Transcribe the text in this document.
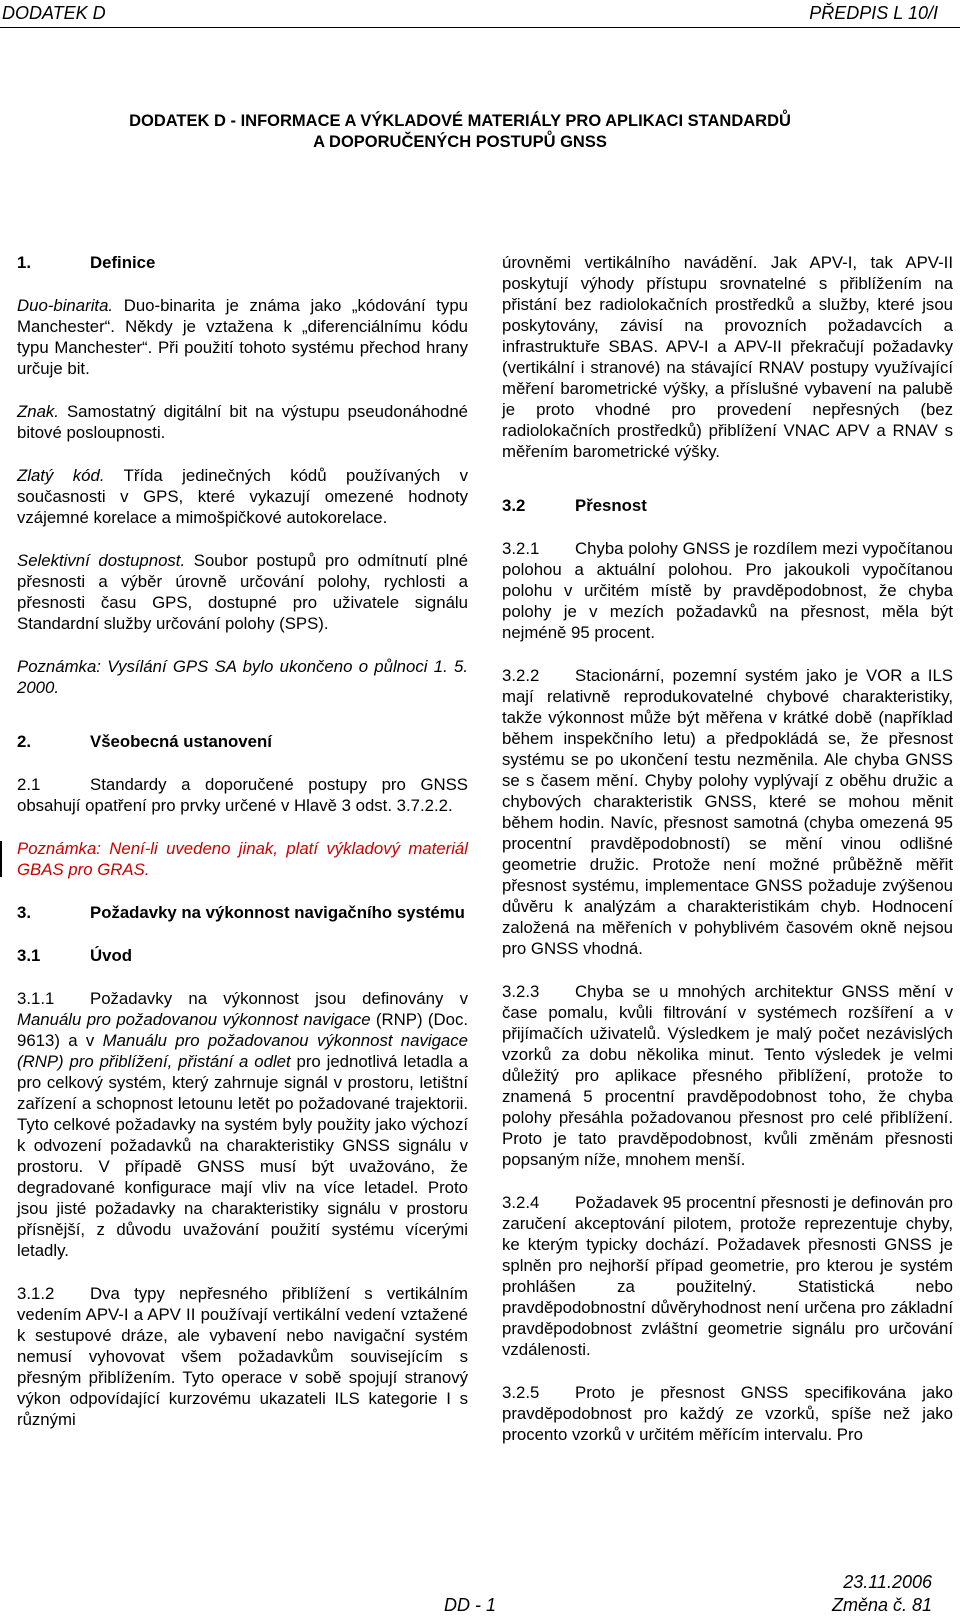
DODATEK D	PŘEDPIS L 10/I
DODATEK D - INFORMACE A VÝKLADOVÉ MATERIÁLY PRO APLIKACI STANDARDŮ
A DOPORUČENÝCH POSTUPŮ GNSS
1.	Definice

Duo-binarita. Duo-binarita je známa jako „kódování typu Manchester“. Někdy je vztažena k „diferenciálnímu kódu typu Manchester“. Při použití tohoto systému přechod hrany určuje bit.

Znak. Samostatný digitální bit na výstupu pseudonáhodné bitové posloupnosti.

Zlatý kód. Třída jedinečných kódů používaných v současnosti v GPS, které vykazují omezené hodnoty vzájemné korelace a mimošpičkové autokorelace.

Selektivní dostupnost. Soubor postupů pro odmítnutí plné přesnosti a výběr úrovně určování polohy, rychlosti a přesnosti času GPS, dostupné pro uživatele signálu Standardní služby určování polohy (SPS).

Poznámka: Vysílání GPS SA bylo ukončeno o půlnoci 1. 5. 2000.

2.	Všeobecná ustanovení

2.1	Standardy a doporučené postupy pro GNSS obsahují opatření pro prvky určené v Hlavě 3 odst. 3.7.2.2.

Poznámka: Není-li uvedeno jinak, platí výkladový materiál GBAS pro GRAS.

3.	Požadavky na výkonnost navigačního systému
3.1	Úvod

3.1.1 Požadavky na výkonnost jsou definovány v Manuálu pro požadovanou výkonnost navigace (RNP) (Doc. 9613) a v Manuálu pro požadovanou výkonnost navigace (RNP) pro přiblížení, přistání a odlet pro jednotlivá letadla a pro celkový systém, který zahrnuje signál v prostoru, letištní zařízení a schopnost letounu letět po požadované trajektorii. Tyto celkové požadavky na systém byly použity jako výchozí k odvození požadavků na charakteristiky GNSS signálu v prostoru. V případě GNSS musí být uvažováno, že degradované konfigurace mají vliv na více letadel. Proto jsou jisté požadavky na charakteristiky signálu v prostoru přísnější, z důvodu uvažování použití systému vícerými letadly.

3.1.2 Dva typy nepřesného přiblížení s vertikálním vedením APV-I a APV II používají vertikální vedení vztažené k sestupové dráze, ale vybavení nebo navigační systém nemusí vyhovovat všem požadavkům souvisejícím s přesným přiblížením. Tyto operace v sobě spojují stranový výkon odpovídající kurzovému ukazateli ILS kategorie I s různými

úrovněmi vertikálního navádění. Jak APV-I, tak APV-II poskytují výhody přístupu srovnatelné s přiblížením na přistání bez radiolokačních prostředků a služby, které jsou poskytovány, závisí na provozních požadavcích a infrastruktuře SBAS. APV-I a APV-II překračují požadavky (vertikální i stranové) na stávající RNAV postupy využívající měření barometrické výšky, a příslušné vybavení na palubě je proto vhodné pro provedení nepřesných (bez radiolokačních prostředků) přiblížení VNAC APV a RNAV s měřením barometrické výšky.

3.2	Přesnost

3.2.1 Chyba polohy GNSS je rozdílem mezi vypočítanou polohou a aktuální polohou. Pro jakoukoli vypočítanou polohu v určitém místě by pravděpodobnost, že chyba polohy je v mezích požadavků na přesnost, měla být nejméně 95 procent.

3.2.2 Stacionární, pozemní systém jako je VOR a ILS mají relativně reprodukovatelné chybové charakteristiky, takže výkonnost může být měřena v krátké době (například během inspekčního letu) a předpokládá se, že přesnost systému se po ukončení testu nezměnila. Ale chyba GNSS se s časem mění. Chyby polohy vyplývají z oběhu družic a chybových charakteristik GNSS, které se mohou měnit během hodin. Navíc, přesnost samotná (chyba omezená 95 procentní pravděpodobností) se mění vinou odlišné geometrie družic. Protože není možné průběžně měřit přesnost systému, implementace GNSS požaduje zvýšenou důvěru k analýzám a charakteristikám chyb. Hodnocení založená na měřeních v pohyblivém časovém okně nejsou pro GNSS vhodná.

3.2.3 Chyba se u mnohých architektur GNSS mění v čase pomalu, kvůli filtrování v systémech rozšíření a v přijímačích uživatelů. Výsledkem je malý počet nezávislých vzorků za dobu několika minut. Tento výsledek je velmi důležitý pro aplikace přesného přiblížení, protože to znamená 5 procentní pravděpodobnost toho, že chyba polohy přesáhla požadovanou přesnost pro celé přiblížení. Proto je tato pravděpodobnost, kvůli změnám přesnosti popsaným níže, mnohem menší.

3.2.4 Požadavek 95 procentní přesnosti je definován pro zaručení akceptování pilotem, protože reprezentuje chyby, ke kterým typicky dochází. Požadavek přesnosti GNSS je splněn pro nejhorší případ geometrie, pro kterou je systém prohlášen za použitelný. Statistická nebo pravděpodobnostní důvěryhodnost není určena pro základní pravděpodobnost zvláštní geometrie signálu pro určování vzdálenosti.

3.2.5 Proto je přesnost GNSS specifikována jako pravděpodobnost pro každý ze vzorků, spíše než jako procento vzorků v určitém měřícím intervalu. Pro

DD - 1
23.11.2006
Změna č. 81
